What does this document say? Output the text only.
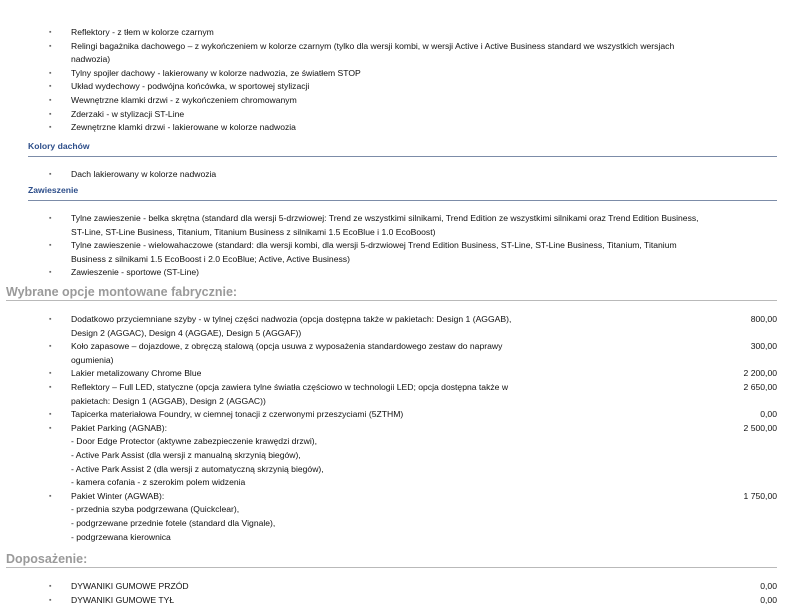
▪ Reflektory - z tłem w kolorze czarnym
▪ Relingi bagażnika dachowego – z wykończeniem w kolorze czarnym (tylko dla wersji kombi, w wersji Active i Active Business standard we wszystkich wersjach
nadwozia)
▪ Tylny spojler dachowy - lakierowany w kolorze nadwozia, ze światłem STOP
▪ Układ wydechowy - podwójna końcówka, w sportowej stylizacji
▪ Wewnętrzne klamki drzwi - z wykończeniem chromowanym
▪ Zderzaki - w stylizacji ST-Line
▪ Zewnętrzne klamki drzwi - lakierowane w kolorze nadwozia
Kolory dachów
▪ Dach lakierowany w kolorze nadwozia
Zawieszenie
▪ Tylne zawieszenie - belka skrętna (standard dla wersji 5-drzwiowej: Trend ze wszystkimi silnikami, Trend Edition ze wszystkimi silnikami oraz Trend Edition Business,
ST-Line, ST-Line Business, Titanium, Titanium Business z silnikami 1.5 EcoBlue i 1.0 EcoBoost)
▪ Tylne zawieszenie - wielowahaczowe (standard: dla wersji kombi, dla wersji 5-drzwiowej Trend Edition Business, ST-Line, ST-Line Business, Titanium, Titanium
Business z silnikami 1.5 EcoBoost i 2.0 EcoBlue; Active, Active Business)
▪ Zawieszenie - sportowe (ST-Line)
Wybrane opcje montowane fabrycznie:
▪ Dodatkowo przyciemniane szyby - w tylnej części nadwozia (opcja dostępna także w pakietach: Design 1 (AGGAB),
Design 2 (AGGAC), Design 4 (AGGAE), Design 5 (AGGAF))
800,00
▪ Koło zapasowe – dojazdowe, z obręczą stalową (opcja usuwa z wyposażenia standardowego zestaw do naprawy
ogumienia)
300,00
▪ Lakier metalizowany Chrome Blue	2 200,00
▪ Reflektory – Full LED, statyczne (opcja zawiera tylne światła częściowo w technologii LED; opcja dostępna także w
pakietach: Design 1 (AGGAB), Design 2 (AGGAC))
2 650,00
▪ Tapicerka materiałowa Foundry, w ciemnej tonacji z czerwonymi przeszyciami (5ZTHM)	0,00
▪ Pakiet Parking (AGNAB):
- Door Edge Protector (aktywne zabezpieczenie krawędzi drzwi),
- Active Park Assist (dla wersji z manualną skrzynią biegów),
- Active Park Assist 2 (dla wersji z automatyczną skrzynią biegów),
- kamera cofania - z szerokim polem widzenia
2 500,00
▪ Pakiet Winter (AGWAB):
- przednia szyba podgrzewana (Quickclear),
- podgrzewane przednie fotele (standard dla Vignale),
- podgrzewana kierownica
1 750,00
Doposażenie:
▪ DYWANIKI GUMOWE PRZÓD	0,00
▪ DYWANIKI GUMOWE TYŁ	0,00
